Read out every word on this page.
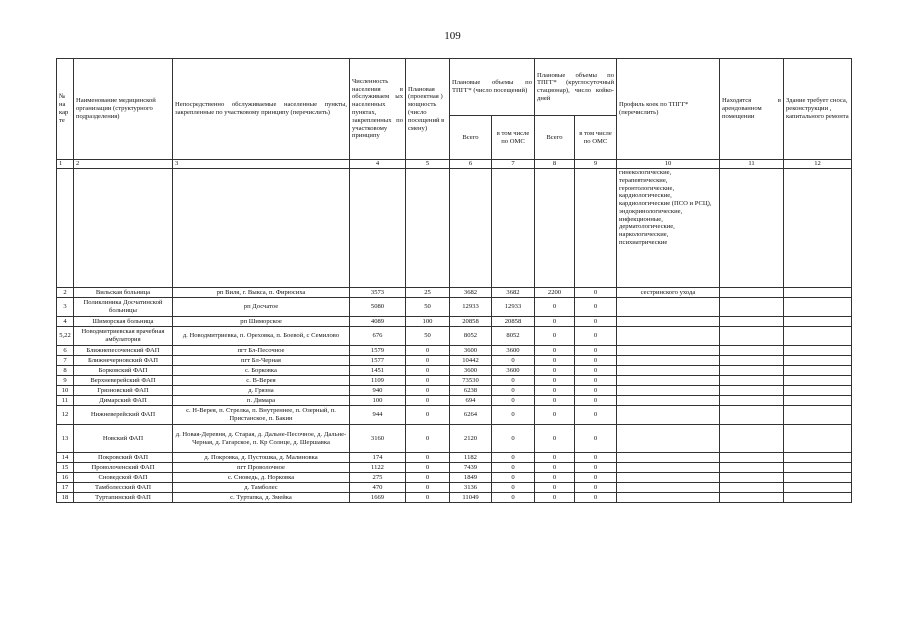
109
№ на кар те	Наименование медицинской организации (структурного подразделения)	Непосредственно обслуживаемые населенные пункты, закрепленные по участковому принципу (перечислить)	Численность населения в обслуживаем ых населенных пунктах, закрепленных по участковому принципу	Плановая (проектная ) мощность (число посещений в смену)	Плановые объемы по ТПГГ* (число посещений)		Плановые объемы по ТПГГ* (круглосуточный стационар), число койко-дней		Профиль коек по ТПГГ* (перечислить)	Находятся в арендованном помещении	Здание требует сноса, реконструкции , капитального ремонта
					Всего	в том числе по ОМС	Всего	в том числе по ОМС			
1	2	3	4	5	6	7	8	9	10	11	12
									гинекологические, терапевтические, геронтологические, кардиологические, кардиологические (ПСО и РСЦ), эндокринологические, инфекционные, дерматологические, наркологические, психиатрические		
2	Вильская больница	рп Виля, г. Выкса, п. Фирюсиха	3573	25	3682	3682	2200	0	сестринского ухода		
3	Поликлиника Досчатинской больницы	рп Досчатое	5080	50	12933	12933	0	0			
4	Шиморская больница	рп Шиморское	4089	100	20858	20858	0	0			
5,22	Новодмитриевская врачебная амбулатория	д. Новодмитриевка, п. Ореховка, п. Боевой, с Семилово	676	50	8052	8052	0	0			
6	Ближнепесоченский ФАП	пгт Бл-Песочное	1579	0	3600	3600	0	0			
7	Ближнечерновский ФАП	пгт Бл-Черная	1577	0	10442	0	0	0			
8	Борковский ФАП	с. Борковка	1451	0	3600	3600	0	0			
9	Верхневерейский ФАП	с. В-Верея	1109	0	73530	0	0	0			
10	Грязновский ФАП	д. Грязна	940	0	6238	0	0	0			
11	Димарский ФАП	п. Димара	100	0	694	0	0	0			
12	Нижневерейский ФАП	с. Н-Верея, п. Стрелка, п. Внутреннее, п. Озерный, п. Пристанское, п. Бакин	944	0	6264	0	0	0			
13	Новский ФАП	д. Новая-Деревня, д. Старая, д. Дальне-Песочное, д. Дальне-Черная, д. Гагарское, п. Кр Солнце, д. Шершавка	3160	0	2120	0	0	0			
14	Покровский ФАП	д. Покровка, д. Пустошка, д. Малиновка	174	0	1182	0	0	0			
15	Проволоченский ФАП	пгт Проволочное	1122	0	7439	0	0	0			
16	Сноведской ФАП	с. Сноведь, д. Норковка	275	0	1849	0	0	0			
17	Тамболесский ФАП	д. Тамболес	470	0	3136	0	0	0			
18	Туртапинский ФАП	с. Туртапка, д. Змейка	1669	0	11049	0	0	0			
